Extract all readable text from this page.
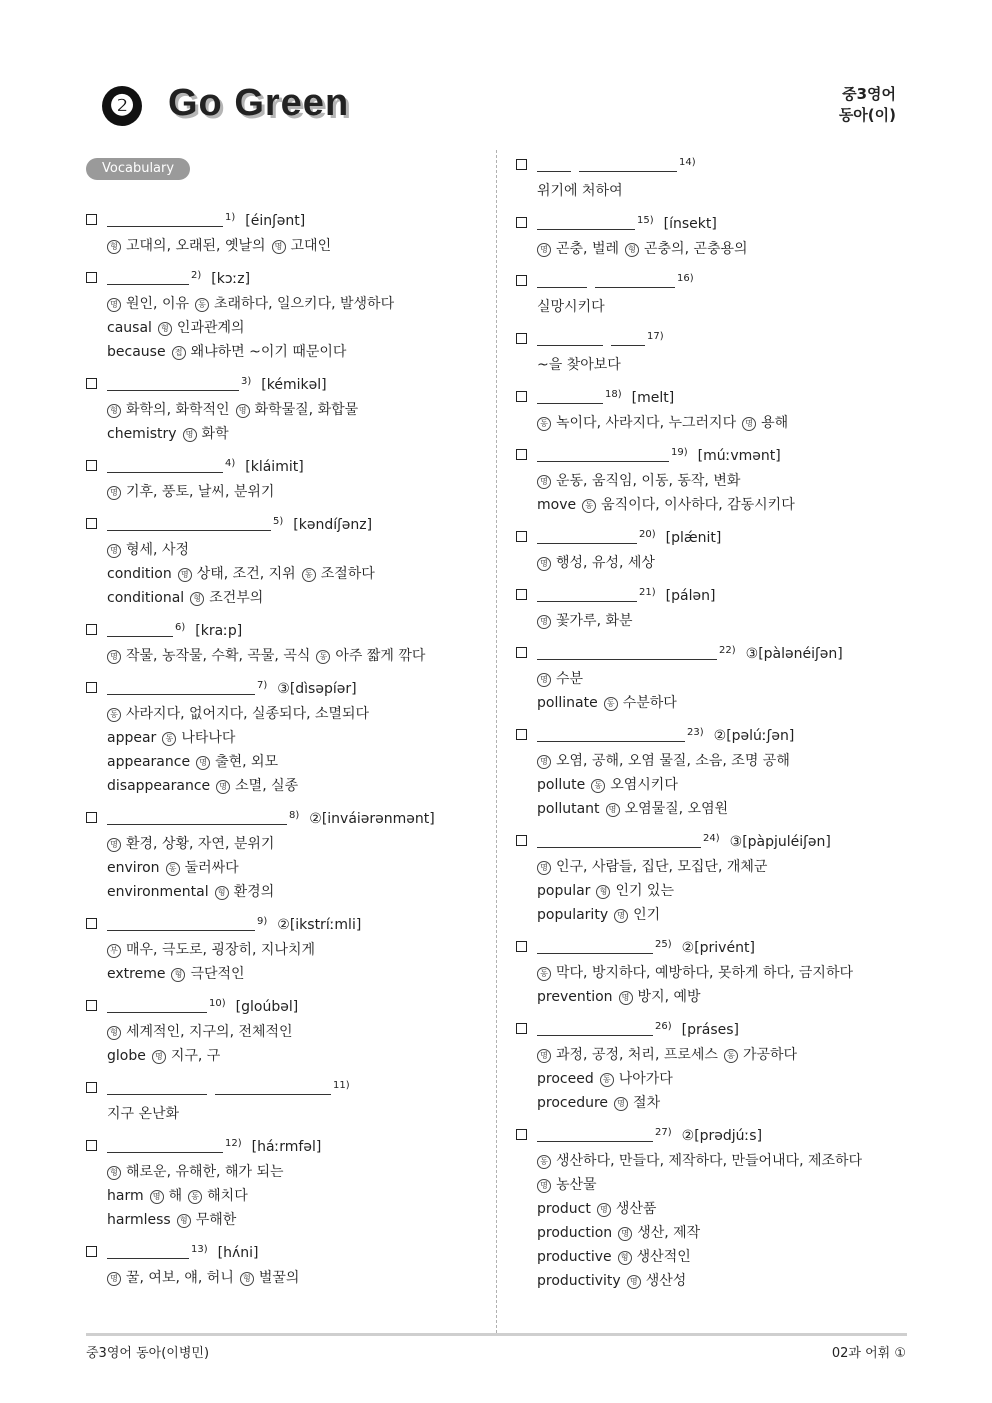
❷ Go Green	중3영어
동아(이)
Vocabulary
$^{1)}$ [éinʃənt]
형 고대의, 오래된, 옛날의 명 고대인
$^{2)}$ [kɔːz]
명 원인, 이유 동 초래하다, 일으키다, 발생하다
causal 형 인과관계의
because 접 왜냐하면 ~이기 때문이다
$^{3)}$ [kémikəl]
형 화학의, 화학적인 명 화학물질, 화합물
chemistry 명 화학
$^{4)}$ [kláimit]
명 기후, 풍토, 날씨, 분위기
$^{5)}$ [kəndíʃənz]
명 형세, 사정
condition 명 상태, 조건, 지위 동 조절하다
conditional 형 조건부의
$^{6)}$ [kraːp]
명 작물, 농작물, 수확, 곡물, 곡식 동 아주 짧게 깎다
$^{7)}$ ③[dìsəpíər]
동 사라지다, 없어지다, 실종되다, 소멸되다
appear 동 나타나다
appearance 명 출현, 외모
disappearance 명 소멸, 실종
$^{8)}$ ②[inváiərənmənt]
명 환경, 상황, 자연, 분위기
environ 동 둘러싸다
environmental 형 환경의
$^{9)}$ ②[ikstríːmli]
부 매우, 극도로, 굉장히, 지나치게
extreme 형 극단적인
$^{10)}$ [gloúbəl]
형 세계적인, 지구의, 전체적인
globe 명 지구, 구
$^{11)}$
지구 온난화
$^{12)}$ [háːrmfəl]
형 해로운, 유해한, 해가 되는
harm 명 해 동 해치다
harmless 형 무해한
$^{13)}$ [hʌ́ni]
명 꿀, 여보, 얘, 허니 형 벌꿀의
$^{14)}$
위기에 처하여
$^{15)}$ [ínsekt]
명 곤충, 벌레 형 곤충의, 곤충용의
$^{16)}$
실망시키다
$^{17)}$
~을 찾아보다
$^{18)}$ [melt]
동 녹이다, 사라지다, 누그러지다 명 용해
$^{19)}$ [múːvmənt]
명 운동, 움직임, 이동, 동작, 변화
move 동 움직이다, 이사하다, 감동시키다
$^{20)}$ [plǽnit]
명 행성, 유성, 세상
$^{21)}$ [pálən]
명 꽃가루, 화분
$^{22)}$ ③[pàlənéiʃən]
명 수분
pollinate 동 수분하다
$^{23)}$ ②[pəlúːʃən]
명 오염, 공해, 오염 물질, 소음, 조명 공해
pollute 동 오염시키다
pollutant 명 오염물질, 오염원
$^{24)}$ ③[pàpjuléiʃən]
명 인구, 사람들, 집단, 모집단, 개체군
popular 형 인기 있는
popularity 명 인기
$^{25)}$ ②[privént]
동 막다, 방지하다, 예방하다, 못하게 하다, 금지하다
prevention 명 방지, 예방
$^{26)}$ [práses]
명 과정, 공정, 처리, 프로세스 동 가공하다
proceed 동 나아가다
procedure 명 절차
$^{27)}$ ②[prədjúːs]
동 생산하다, 만들다, 제작하다, 만들어내다, 제조하다
명 농산물
product 명 생산품
production 명 생산, 제작
productive 형 생산적인
productivity 명 생산성
중3영어 동아(이병민)	02과 어휘 ①
